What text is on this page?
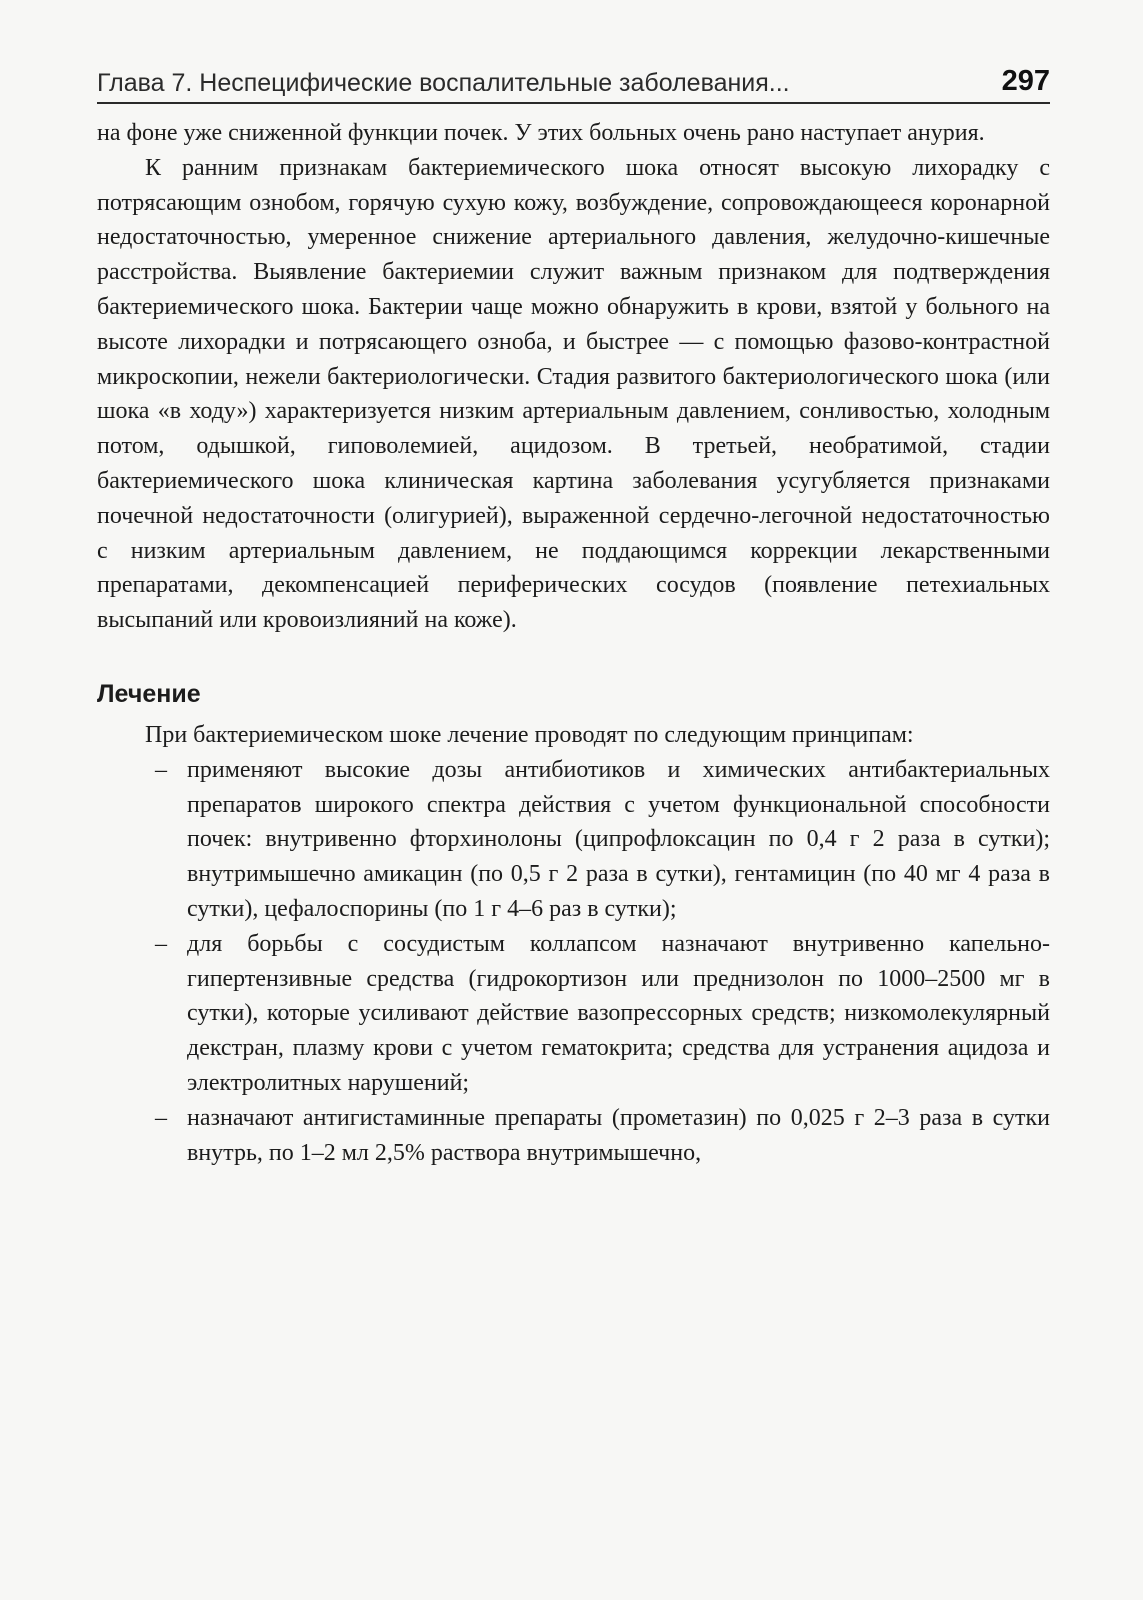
Глава 7. Неспецифические воспалительные заболевания...	297

на фоне уже сниженной функции почек. У этих больных очень рано наступает анурия.

К ранним признакам бактериемического шока относят высокую лихорадку с потрясающим ознобом, горячую сухую кожу, возбуждение, сопровождающееся коронарной недостаточностью, умеренное снижение артериального давления, желудочно-кишечные расстройства. Выявление бактериемии служит важным признаком для подтверждения бактериемического шока. Бактерии чаще можно обнаружить в крови, взятой у больного на высоте лихорадки и потрясающего озноба, и быстрее — с помощью фазово-контрастной микроскопии, нежели бактериологически. Стадия развитого бактериологического шока (или шока «в ходу») характеризуется низким артериальным давлением, сонливостью, холодным потом, одышкой, гиповолемией, ацидозом. В третьей, необратимой, стадии бактериемического шока клиническая картина заболевания усугубляется признаками почечной недостаточности (олигурией), выраженной сердечно-легочной недостаточностью с низким артериальным давлением, не поддающимся коррекции лекарственными препаратами, декомпенсацией периферических сосудов (появление петехиальных высыпаний или кровоизлияний на коже).

Лечение

При бактериемическом шоке лечение проводят по следующим принципам:

– применяют высокие дозы антибиотиков и химических антибактериальных препаратов широкого спектра действия с учетом функциональной способности почек: внутривенно фторхинолоны (ципрофлоксацин по 0,4 г 2 раза в сутки); внутримышечно амикацин (по 0,5 г 2 раза в сутки), гентамицин (по 40 мг 4 раза в сутки), цефалоспорины (по 1 г 4–6 раз в сутки);
– для борьбы с сосудистым коллапсом назначают внутривенно капельно-гипертензивные средства (гидрокортизон или преднизолон по 1000–2500 мг в сутки), которые усиливают действие вазопрессорных средств; низкомолекулярный декстран, плазму крови с учетом гематокрита; средства для устранения ацидоза и электролитных нарушений;
– назначают антигистаминные препараты (прометазин) по 0,025 г 2–3 раза в сутки внутрь, по 1–2 мл 2,5% раствора внутримышечно,
